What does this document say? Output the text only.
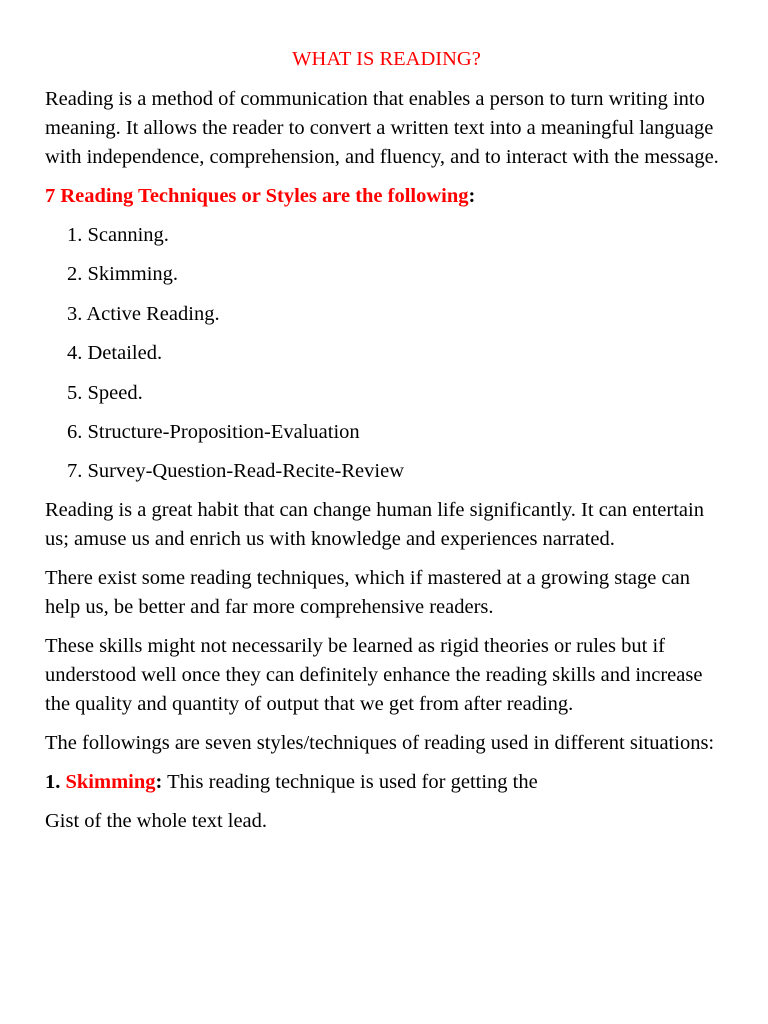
WHAT IS READING?

Reading is a method of communication that enables a person to turn writing into meaning. It allows the reader to convert a written text into a meaningful language with independence, comprehension, and fluency, and to interact with the message.

7 Reading Techniques or Styles are the following:

1. Scanning.
2. Skimming.
3. Active Reading.
4. Detailed.
5. Speed.
6. Structure-Proposition-Evaluation
7. Survey-Question-Read-Recite-Review

Reading is a great habit that can change human life significantly. It can entertain us; amuse us and enrich us with knowledge and experiences narrated.

There exist some reading techniques, which if mastered at a growing stage can help us, be better and far more comprehensive readers.

These skills might not necessarily be learned as rigid theories or rules but if understood well once they can definitely enhance the reading skills and increase the quality and quantity of output that we get from after reading.

The followings are seven styles/techniques of reading used in different situations:

1. Skimming: This reading technique is used for getting the

Gist of the whole text lead.
